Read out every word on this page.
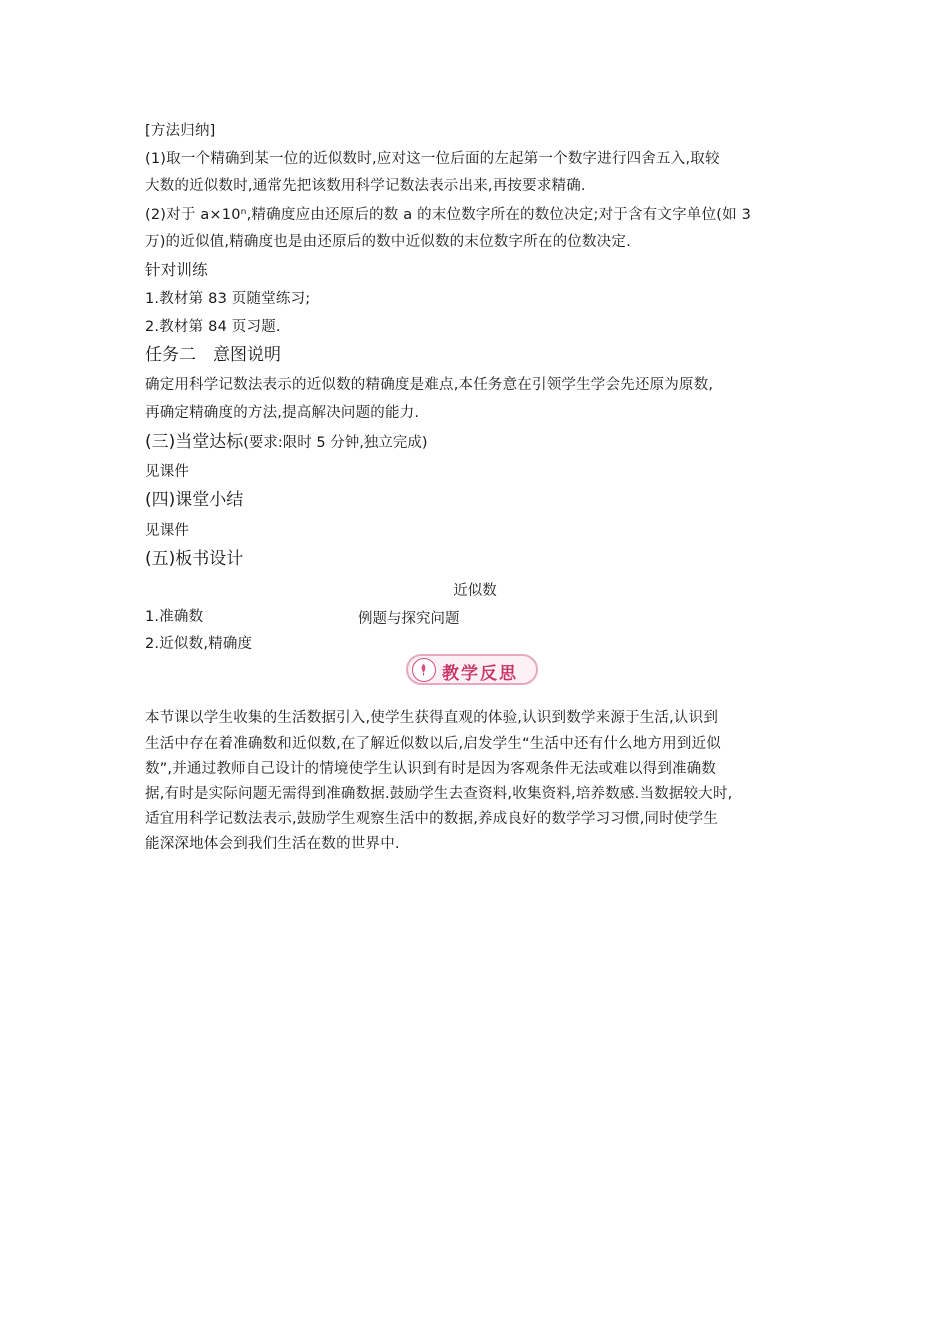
[方法归纳]
(1)取一个精确到某一位的近似数时,应对这一位后面的左起第一个数字进行四舍五入,取较
大数的近似数时,通常先把该数用科学记数法表示出来,再按要求精确.
(2)对于 a×10ⁿ,精确度应由还原后的数 a 的末位数字所在的数位决定;对于含有文字单位(如 3
万)的近似值,精确度也是由还原后的数中近似数的末位数字所在的位数决定.
针对训练
1.教材第 83 页随堂练习;
2.教材第 84 页习题.
任务二　意图说明
确定用科学记数法表示的近似数的精确度是难点,本任务意在引领学生学会先还原为原数,
再确定精确度的方法,提高解决问题的能力.
(三)当堂达标(要求:限时 5 分钟,独立完成)
见课件
(四)课堂小结
见课件
(五)板书设计
近似数
1.准确数	例题与探究问题
2.近似数,精确度
教学反思
本节课以学生收集的生活数据引入,使学生获得直观的体验,认识到数学来源于生活,认识到
生活中存在着准确数和近似数,在了解近似数以后,启发学生“生活中还有什么地方用到近似
数”,并通过教师自己设计的情境使学生认识到有时是因为客观条件无法或难以得到准确数
据,有时是实际问题无需得到准确数据.鼓励学生去查资料,收集资料,培养数感.当数据较大时,
适宜用科学记数法表示,鼓励学生观察生活中的数据,养成良好的数学学习习惯,同时使学生
能深深地体会到我们生活在数的世界中.
